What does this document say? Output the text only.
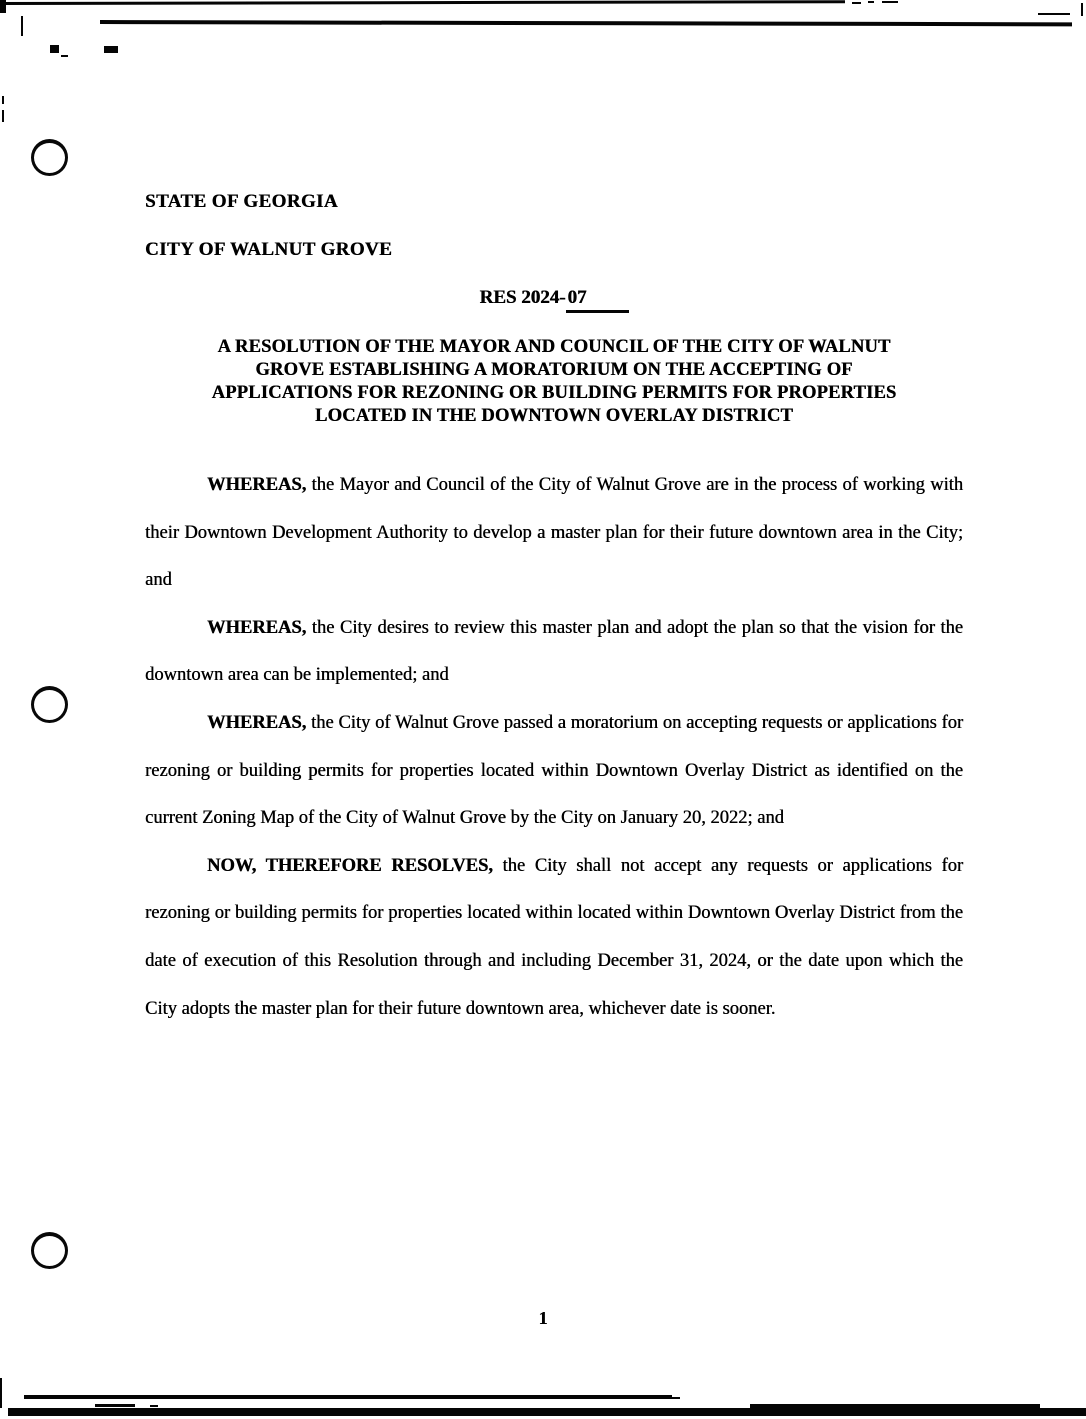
STATE OF GEORGIA

CITY OF WALNUT GROVE

RES 2024- 07
A RESOLUTION OF THE MAYOR AND COUNCIL OF THE CITY OF WALNUT
GROVE ESTABLISHING A MORATORIUM ON THE ACCEPTING OF
APPLICATIONS FOR REZONING OR BUILDING PERMITS FOR PROPERTIES
LOCATED IN THE DOWNTOWN OVERLAY DISTRICT

WHEREAS, the Mayor and Council of the City of Walnut Grove are in the process of working with their Downtown Development Authority to develop a master plan for their future downtown area in the City; and

WHEREAS, the City desires to review this master plan and adopt the plan so that the vision for the downtown area can be implemented; and

WHEREAS, the City of Walnut Grove passed a moratorium on accepting requests or applications for rezoning or building permits for properties located within Downtown Overlay District as identified on the current Zoning Map of the City of Walnut Grove by the City on January 20, 2022; and

NOW, THEREFORE RESOLVES, the City shall not accept any requests or applications for rezoning or building permits for properties located within located within Downtown Overlay District from the date of execution of this Resolution through and including December 31, 2024, or the date upon which the City adopts the master plan for their future downtown area, whichever date is sooner.

1
